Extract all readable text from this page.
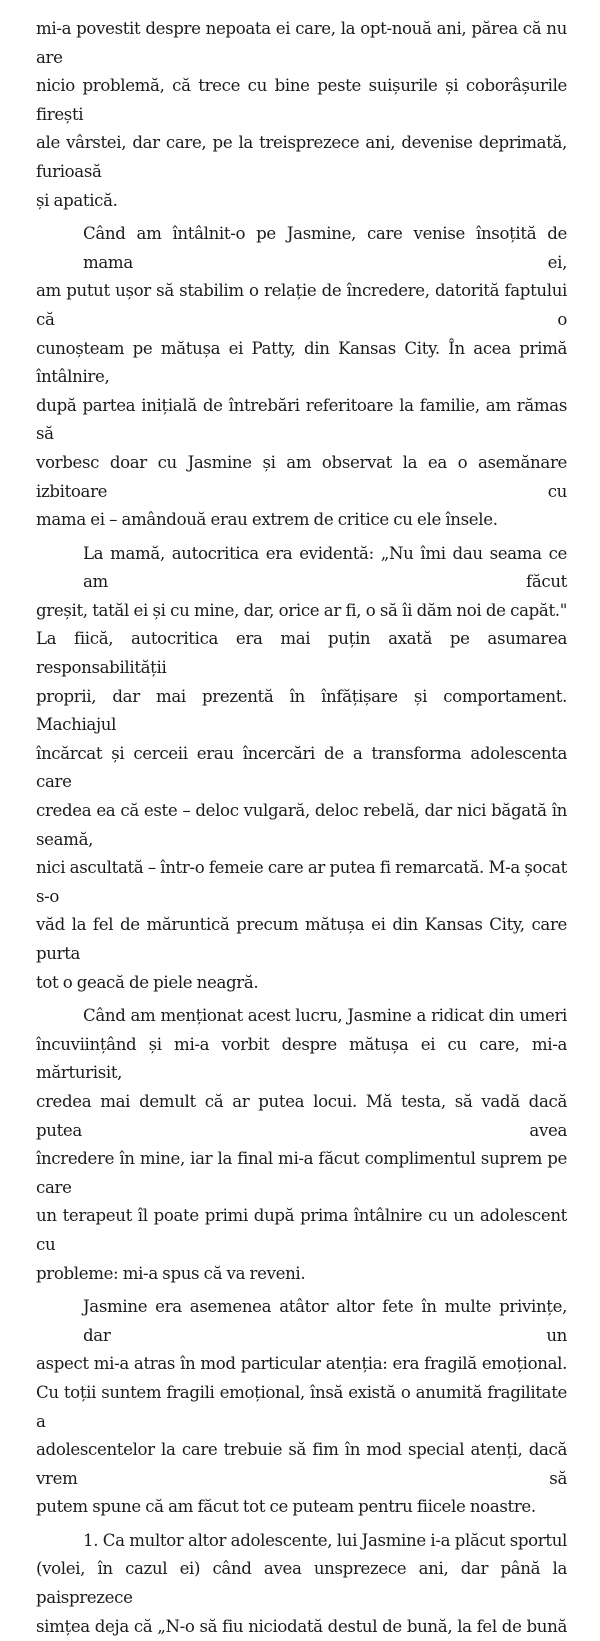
mi-a povestit despre nepoata ei care, la opt-nouă ani, părea că nu are
nicio problemă, că trece cu bine peste suișurile și coborâșurile firești
ale vârstei, dar care, pe la treisprezece ani, devenise deprimată, furioasă
și apatică.
Când am întâlnit-o pe Jasmine, care venise însoțită de mama ei,
am putut ușor să stabilim o relație de încredere, datorită faptului că o
cunoșteam pe mătușa ei Patty, din Kansas City. În acea primă întâlnire,
după partea inițială de întrebări referitoare la familie, am rămas să
vorbesc doar cu Jasmine și am observat la ea o asemănare izbitoare cu
mama ei – amândouă erau extrem de critice cu ele însele.
La mamă, autocritica era evidentă: „Nu îmi dau seama ce am făcut
greșit, tatăl ei și cu mine, dar, orice ar fi, o să îi dăm noi de capăt."
La fiică, autocritica era mai puțin axată pe asumarea responsabilității
proprii, dar mai prezentă în înfățișare și comportament. Machiajul
încărcat și cerceii erau încercări de a transforma adolescenta care
credea ea că este – deloc vulgară, deloc rebelă, dar nici băgată în seamă,
nici ascultată – într-o femeie care ar putea fi remarcată. M-a șocat s-o
văd la fel de măruntică precum mătușa ei din Kansas City, care purta
tot o geacă de piele neagră.
Când am menționat acest lucru, Jasmine a ridicat din umeri
încuviințând și mi-a vorbit despre mătușa ei cu care, mi-a mărturisit,
credea mai demult că ar putea locui. Mă testa, să vadă dacă putea avea
încredere în mine, iar la final mi-a făcut complimentul suprem pe care
un terapeut îl poate primi după prima întâlnire cu un adolescent cu
probleme: mi-a spus că va reveni.
Jasmine era asemenea atâtor altor fete în multe privințe, dar un
aspect mi-a atras în mod particular atenția: era fragilă emoțional.
Cu toții suntem fragili emoțional, însă există o anumită fragilitate a
adolescentelor la care trebuie să fim în mod special atenți, dacă vrem să
putem spune că am făcut tot ce puteam pentru fiicele noastre.
1. Ca multor altor adolescente, lui Jasmine i-a plăcut sportul
(volei, în cazul ei) când avea unsprezece ani, dar până la paisprezece
simțea deja că „N-o să fiu niciodată destul de bună, la fel de bună
